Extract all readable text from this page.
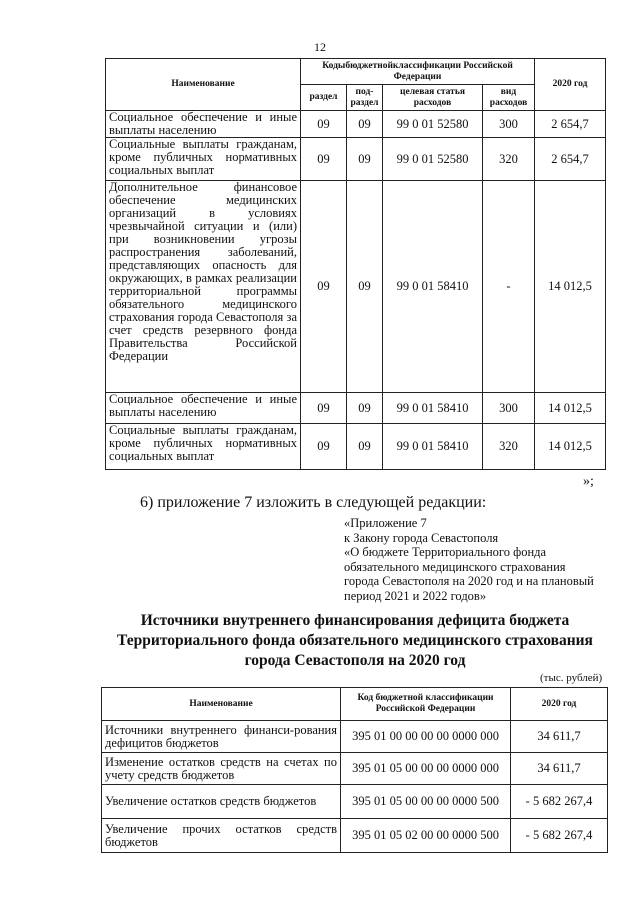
12
Наименование	Кодыбюджетнойклассификации Российской Федерации				2020 год
	раздел	под-раздел	целевая статья расходов	вид расходов	
Социальное обеспечение и иные выплаты населению	09	09	99 0 01 52580	300	2 654,7
Социальные выплаты гражданам, кроме публичных нормативных социальных выплат	09	09	99 0 01 52580	320	2 654,7
Дополнительное финансовое обеспечение медицинских организаций в условиях чрезвычайной ситуации и (или) при возникновении угрозы распространения заболеваний, представляющих опасность для окружающих, в рамках реализации территориальной программы обязательного медицинского страхования города Севастополя за счет средств резервного фонда Правительства Российской Федерации	09	09	99 0 01 58410	-	14 012,5
Социальное обеспечение и иные выплаты населению	09	09	99 0 01 58410	300	14 012,5
Социальные выплаты гражданам, кроме публичных нормативных социальных выплат	09	09	99 0 01 58410	320	14 012,5
»;
6) приложение 7 изложить в следующей редакции:
«Приложение 7
к Закону города Севастополя
«О бюджете Территориального фонда
обязательного медицинского страхования
города Севастополя на 2020 год и на плановый
период 2021 и 2022 годов»
Источники внутреннего финансирования дефицита бюджета
Территориального фонда обязательного медицинского страхования
города Севастополя на 2020 год
(тыс. рублей)
Наименование	Код бюджетной классификации Российской Федерации	2020 год
Источники внутреннего финанси-рования дефицитов бюджетов	395 01 00 00 00 00 0000 000	34 611,7
Изменение остатков средств на счетах по учету средств бюджетов	395 01 05 00 00 00 0000 000	34 611,7
Увеличение остатков средств бюджетов	395 01 05 00 00 00 0000 500	- 5 682 267,4
Увеличение прочих остатков средств бюджетов	395 01 05 02 00 00 0000 500	- 5 682 267,4
